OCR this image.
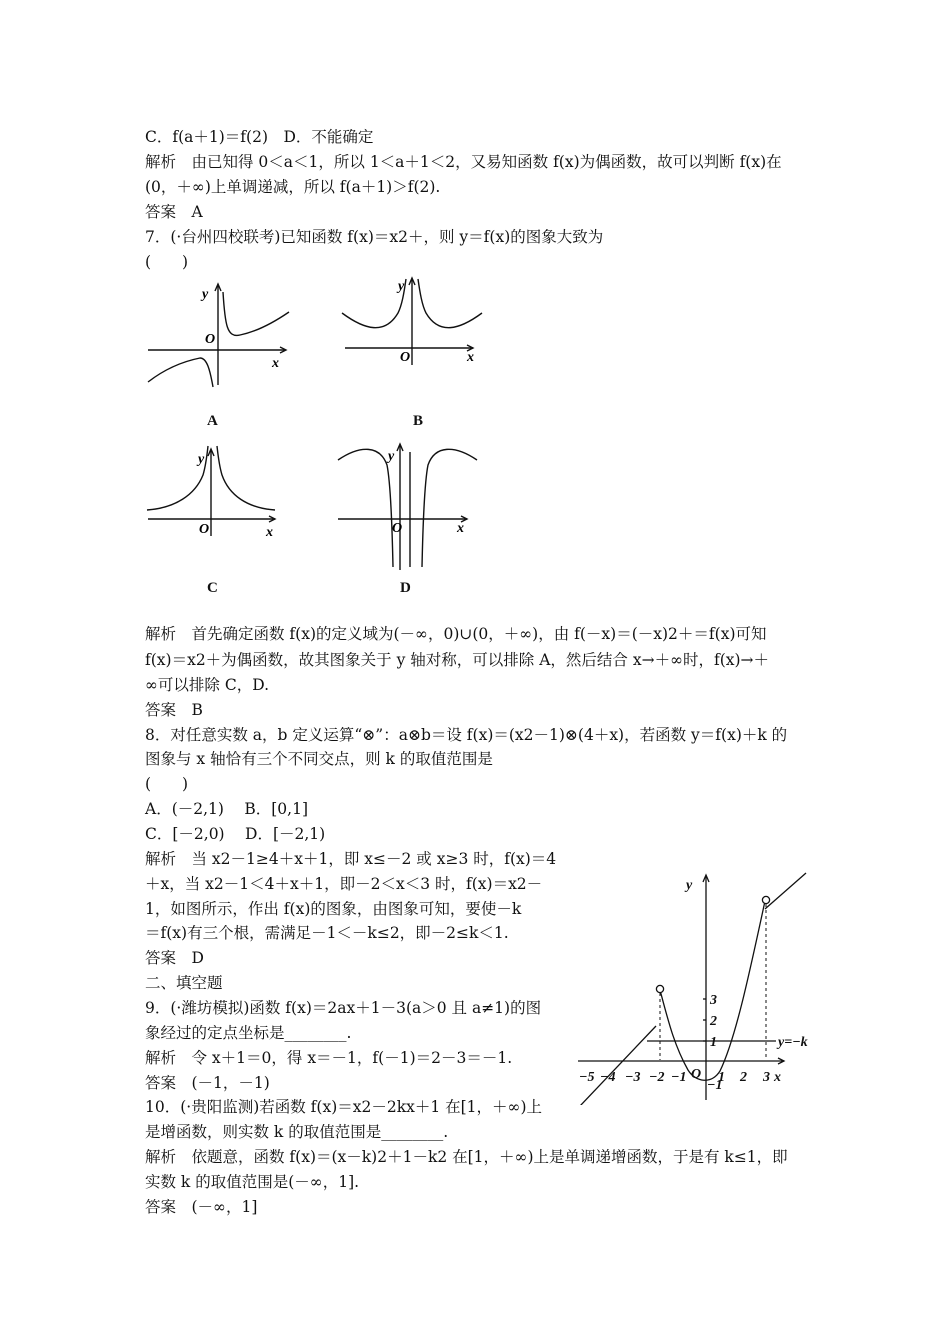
C．f(a＋1)＝f(2)　D．不能确定
解析　由已知得 0＜a＜1，所以 1＜a＋1＜2，又易知函数 f(x)为偶函数，故可以判断 f(x)在
(0，＋∞)上单调递减，所以 f(a＋1)＞f(2).
答案　A
7．(·台州四校联考)已知函数 f(x)＝x2＋，则 y＝f(x)的图象大致为
(　　)
y
O
x
A
y
O	x
B
y
O	x
C
y
O	x
D
解析　首先确定函数 f(x)的定义域为(－∞，0)∪(0，＋∞)，由 f(－x)＝(－x)2＋＝f(x)可知
f(x)＝x2＋为偶函数，故其图象关于 y 轴对称，可以排除 A，然后结合 x→＋∞时，f(x)→＋
∞可以排除 C，D.
答案　B
8．对任意实数 a，b 定义运算“⊗”：a⊗b＝设 f(x)＝(x2－1)⊗(4＋x)，若函数 y＝f(x)＋k 的
图象与 x 轴恰有三个不同交点，则 k 的取值范围是
(　　)
A．(－2,1)　 B．[0,1]
C．[－2,0)　 D．[－2,1)
解析　当 x2－1≥4＋x＋1，即 x≤－2 或 x≥3 时，f(x)＝4
＋x，当 x2－1＜4＋x＋1，即－2＜x＜3 时，f(x)＝x2－
1，如图所示，作出 f(x)的图象，由图象可知，要使－k
＝f(x)有三个根，需满足－1＜－k≤2，即－2≤k＜1.
答案　D
二、填空题
9．(·潍坊模拟)函数 f(x)＝2ax＋1－3(a＞0 且 a≠1)的图
象经过的定点坐标是________.
解析　令 x＋1＝0，得 x＝－1，f(－1)＝2－3＝－1.
答案　(－1，－1)
10．(·贵阳监测)若函数 f(x)＝x2－2kx＋1 在[1，＋∞)上
是增函数，则实数 k 的取值范围是________.
解析　依题意，函数 f(x)＝(x－k)2＋1－k2 在[1，＋∞)上是单调递增函数，于是有 k≤1，即
实数 k 的取值范围是(－∞，1].
答案　(－∞，1]
−5 −4 −3 −2 −1 1 2 3
3
2
1
−1
O	x
y
y=−k
